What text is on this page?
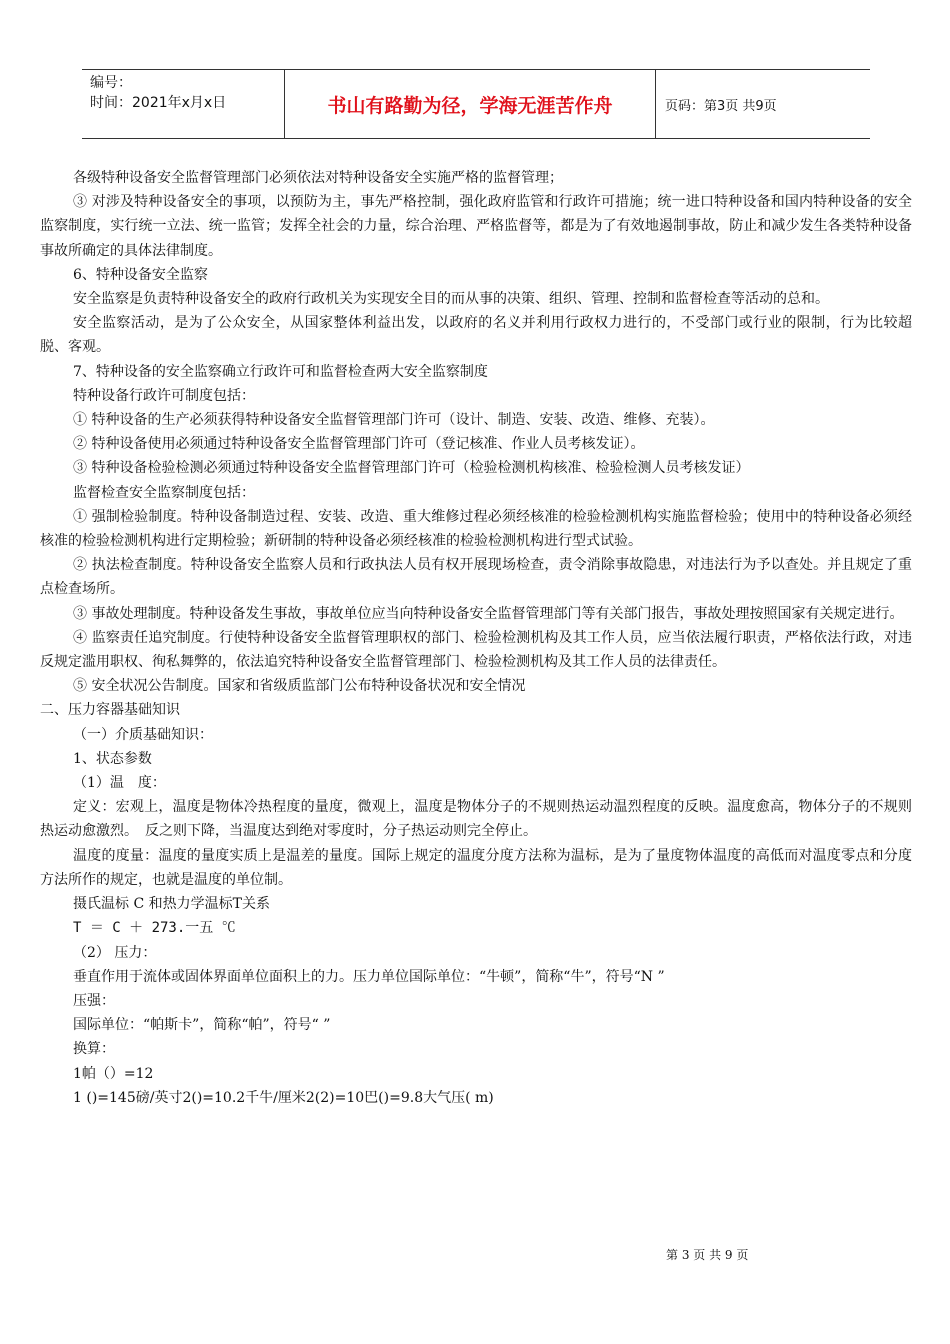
编号：
时间：2021年x月x日	书山有路勤为径，学海无涯苦作舟	页码：第3页 共9页

各级特种设备安全监督管理部门必须依法对特种设备安全实施严格的监督管理；

③ 对涉及特种设备安全的事项，以预防为主，事先严格控制，强化政府监管和行政许可措施；统一进口特种设备和国内特种设备的安全监察制度，实行统一立法、统一监管；发挥全社会的力量，综合治理、严格监督等，都是为了有效地遏制事故，防止和减少发生各类特种设备事故所确定的具体法律制度。

6、特种设备安全监察

安全监察是负责特种设备安全的政府行政机关为实现安全目的而从事的决策、组织、管理、控制和监督检查等活动的总和。

安全监察活动，是为了公众安全，从国家整体利益出发，以政府的名义并利用行政权力进行的，不受部门或行业的限制，行为比较超脱、客观。

7、特种设备的安全监察确立行政许可和监督检查两大安全监察制度

特种设备行政许可制度包括：

① 特种设备的生产必须获得特种设备安全监督管理部门许可（设计、制造、安装、改造、维修、充装）。

② 特种设备使用必须通过特种设备安全监督管理部门许可（登记核准、作业人员考核发证）。

③ 特种设备检验检测必须通过特种设备安全监督管理部门许可（检验检测机构核准、检验检测人员考核发证）

监督检查安全监察制度包括：

① 强制检验制度。特种设备制造过程、安装、改造、重大维修过程必须经核准的检验检测机构实施监督检验；使用中的特种设备必须经核准的检验检测机构进行定期检验；新研制的特种设备必须经核准的检验检测机构进行型式试验。

② 执法检查制度。特种设备安全监察人员和行政执法人员有权开展现场检查，责令消除事故隐患，对违法行为予以查处。并且规定了重点检查场所。

③ 事故处理制度。特种设备发生事故，事故单位应当向特种设备安全监督管理部门等有关部门报告，事故处理按照国家有关规定进行。

④ 监察责任追究制度。行使特种设备安全监督管理职权的部门、检验检测机构及其工作人员，应当依法履行职责，严格依法行政，对违反规定滥用职权、徇私舞弊的，依法追究特种设备安全监督管理部门、检验检测机构及其工作人员的法律责任。

⑤ 安全状况公告制度。国家和省级质监部门公布特种设备状况和安全情况

二、压力容器基础知识

（一）介质基础知识：

1、状态参数

（1）温　度：

定义：宏观上，温度是物体冷热程度的量度，微观上，温度是物体分子的不规则热运动温烈程度的反映。温度愈高，物体分子的不规则热运动愈激烈。　反之则下降，当温度达到绝对零度时，分子热运动则完全停止。

温度的度量：温度的量度实质上是温差的量度。国际上规定的温度分度方法称为温标，是为了量度物体温度的高低而对温度零点和分度方法所作的规定，也就是温度的单位制。

摄氏温标 C 和热力学温标T关系

T ＝ C ＋ 273.一五 ℃

（2） 压力：

垂直作用于流体或固体界面单位面积上的力。压力单位国际单位：“牛顿”，简称“牛”，符号“N ”

压强：

国际单位：“帕斯卡”，简称“帕”，符号“ ”

换算：

1帕（）=12

1 ()=145磅/英寸2()=10.2千牛/厘米2(2)=10巴()=9.8大气压( m)

第 3 页 共 9 页
